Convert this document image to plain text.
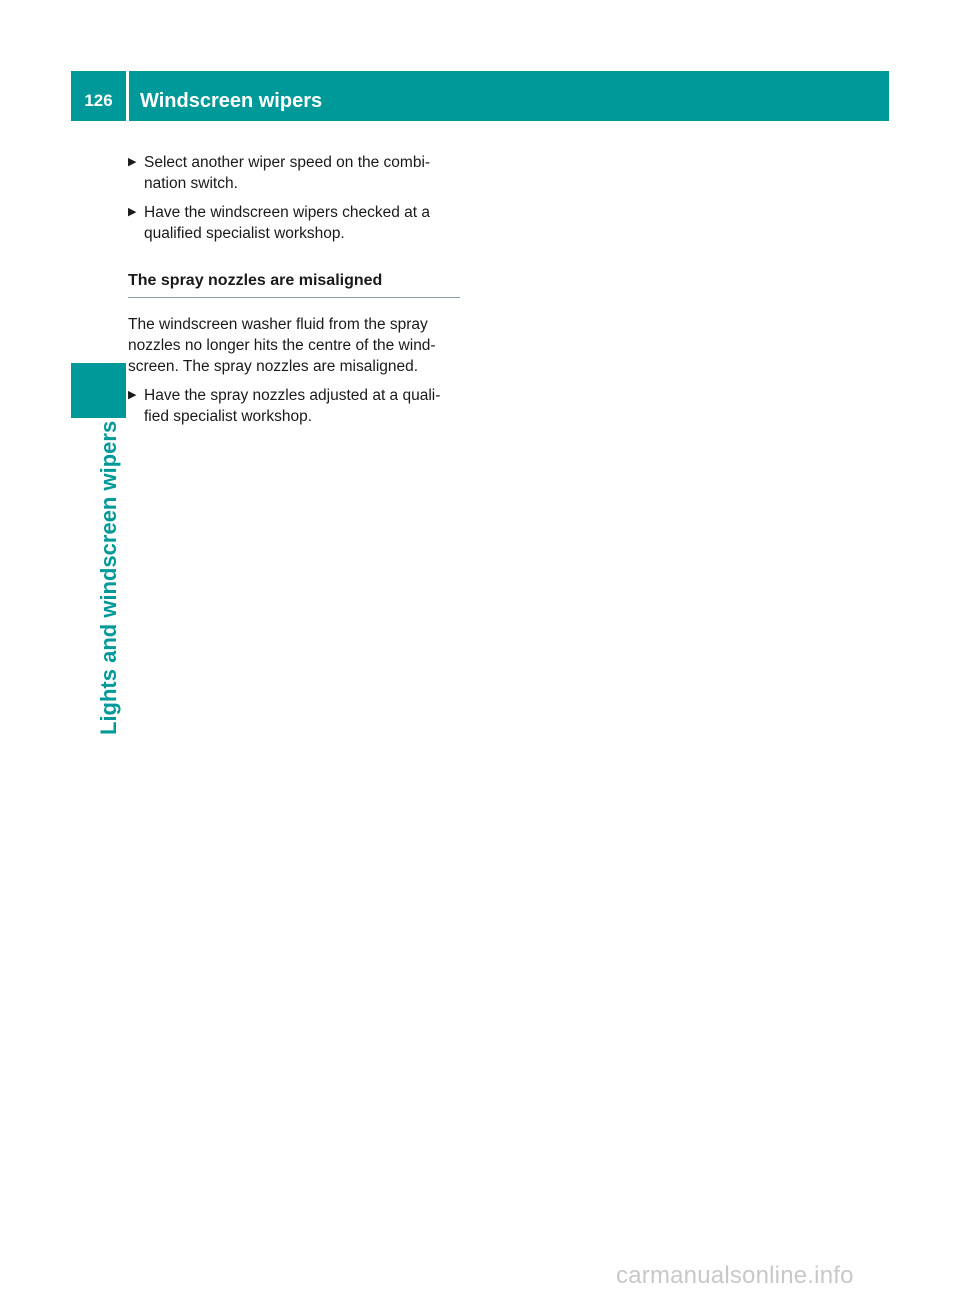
126	Windscreen wipers
Lights and windscreen wipers
▶ Select another wiper speed on the combi-nation switch.
▶ Have the windscreen wipers checked at a qualified specialist workshop.
The spray nozzles are misaligned
The windscreen washer fluid from the spray nozzles no longer hits the centre of the wind-screen. The spray nozzles are misaligned.
▶ Have the spray nozzles adjusted at a quali-fied specialist workshop.
carmanualsonline.info
